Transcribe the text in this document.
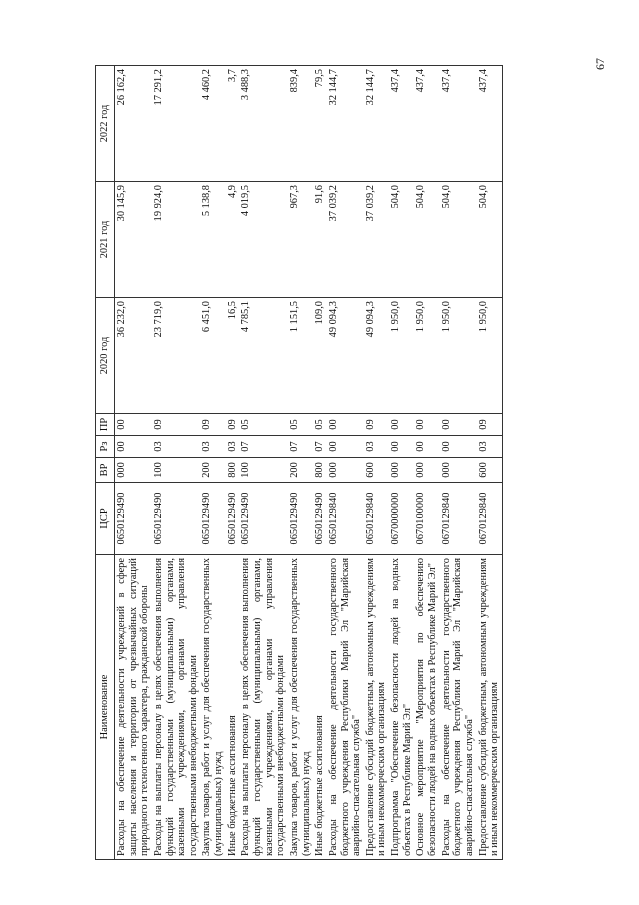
67
Наименование	ЦСР	ВР	Рз	ПР	2020 год	2021 год	2022 год
Расходы на обеспечение деятельности учреждений в сфере защиты населения и территории от чрезвычайных ситуаций природного и техногенного характера, гражданской обороны	0650129490	000	00	00	36 232,0	30 145,9	26 162,4
Расходы на выплаты персоналу в целях обеспечения выполнения функций государственными (муниципальными) органами, казенными учреждениями, органами управления государственными внебюджетными фондами	0650129490	100	03	09	23 719,0	19 924,0	17 291,2
Закупка товаров, работ и услуг для обеспечения государственных (муниципальных) нужд	0650129490	200	03	09	6 451,0	5 138,8	4 460,2
Иные бюджетные ассигнования	0650129490	800	03	09	16,5	4,9	3,7
Расходы на выплаты персоналу в целях обеспечения выполнения функций государственными (муниципальными) органами, казенными учреждениями, органами управления государственными внебюджетными фондами	0650129490	100	07	05	4 785,1	4 019,5	3 488,3
Закупка товаров, работ и услуг для обеспечения государственных (муниципальных) нужд	0650129490	200	07	05	1 151,5	967,3	839,4
Иные бюджетные ассигнования	0650129490	800	07	05	109,0	91,6	79,5
Расходы на обеспечение деятельности государственного бюджетного учреждения Республики Марий Эл "Марийская аварийно-спасательная служба"	0650129840	000	00	00	49 094,3	37 039,2	32 144,7
Предоставление субсидий бюджетным, автономным учреждениям и иным некоммерческим организациям	0650129840	600	03	09	49 094,3	37 039,2	32 144,7
Подпрограмма "Обеспечение безопасности людей на водных объектах в Республике Марий Эл"	0670000000	000	00	00	1 950,0	504,0	437,4
Основное мероприятие "Мероприятия по обеспечению безопасности людей на водных объектах в Республике Марий Эл"	0670100000	000	00	00	1 950,0	504,0	437,4
Расходы на обеспечение деятельности государственного бюджетного учреждения Республики Марий Эл "Марийская аварийно-спасательная служба"	0670129840	000	00	00	1 950,0	504,0	437,4
Предоставление субсидий бюджетным, автономным учреждениям и иным некоммерческим организациям	0670129840	600	03	09	1 950,0	504,0	437,4
